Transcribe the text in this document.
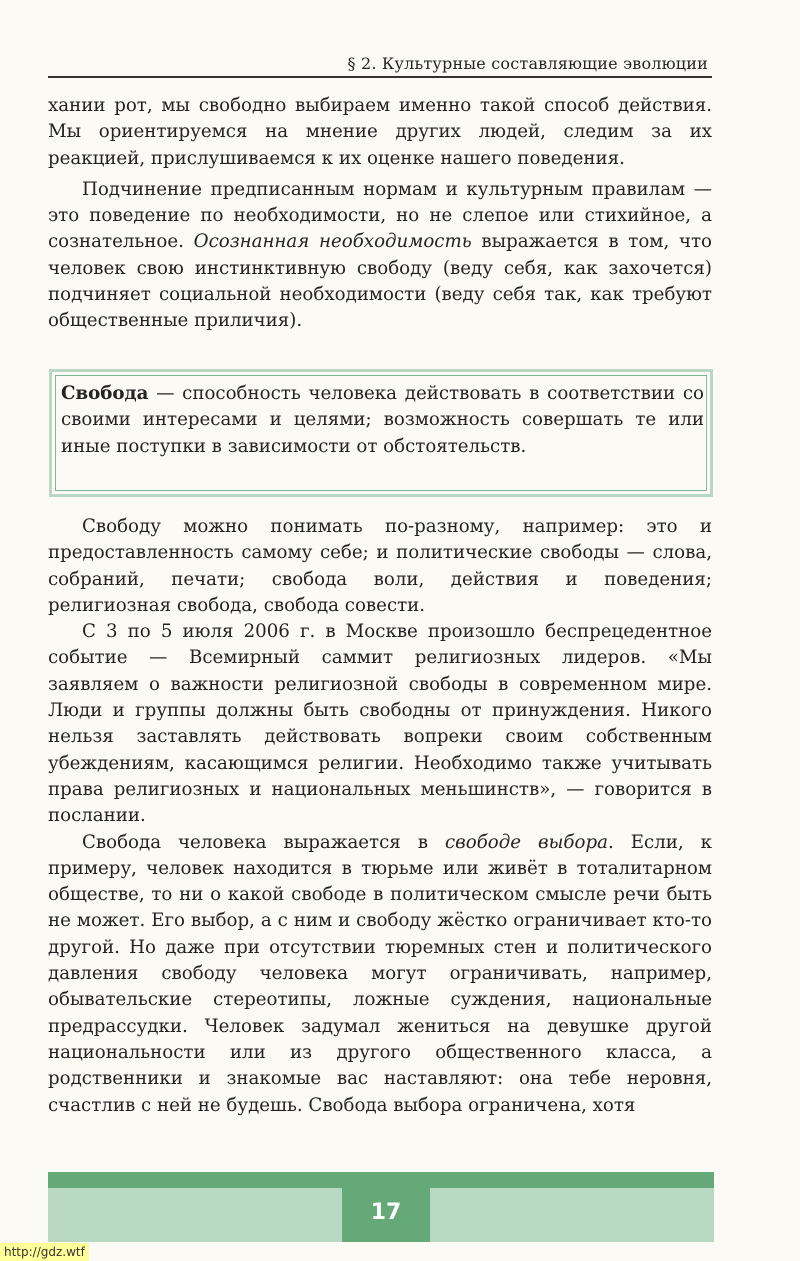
§ 2. Культурные составляющие эволюции

хании рот, мы свободно выбираем именно такой способ действия. Мы ориентируемся на мнение других людей, следим за их реакцией, прислушиваемся к их оценке нашего поведения.

Подчинение предписанным нормам и культурным правилам — это поведение по необходимости, но не слепое или стихийное, а сознательное. Осознанная необходимость выражается в том, что человек свою инстинктивную свободу (веду себя, как захочется) подчиняет социальной необходимости (веду себя так, как требуют общественные приличия).

Свобода — способность человека действовать в соответствии со своими интересами и целями; возможность совершать те или иные поступки в зависимости от обстоятельств.

Свободу можно понимать по-разному, например: это и предоставленность самому себе; и политические свободы — слова, собраний, печати; свобода воли, действия и поведения; религиозная свобода, свобода совести.

С 3 по 5 июля 2006 г. в Москве произошло беспрецедентное событие — Всемирный саммит религиозных лидеров. «Мы заявляем о важности религиозной свободы в современном мире. Люди и группы должны быть свободны от принуждения. Никого нельзя заставлять действовать вопреки своим собственным убеждениям, касающимся религии. Необходимо также учитывать права религиозных и национальных меньшинств», — говорится в послании.

Свобода человека выражается в свободе выбора. Если, к примеру, человек находится в тюрьме или живёт в тоталитарном обществе, то ни о какой свободе в политическом смысле речи быть не может. Его выбор, а с ним и свободу жёстко ограничивает кто-то другой. Но даже при отсутствии тюремных стен и политического давления свободу человека могут ограничивать, например, обывательские стереотипы, ложные суждения, национальные предрассудки. Человек задумал жениться на девушке другой национальности или из другого общественного класса, а родственники и знакомые вас наставляют: она тебе неровня, счастлив с ней не будешь. Свобода выбора ограничена, хотя

17
http://gdz.wtf
